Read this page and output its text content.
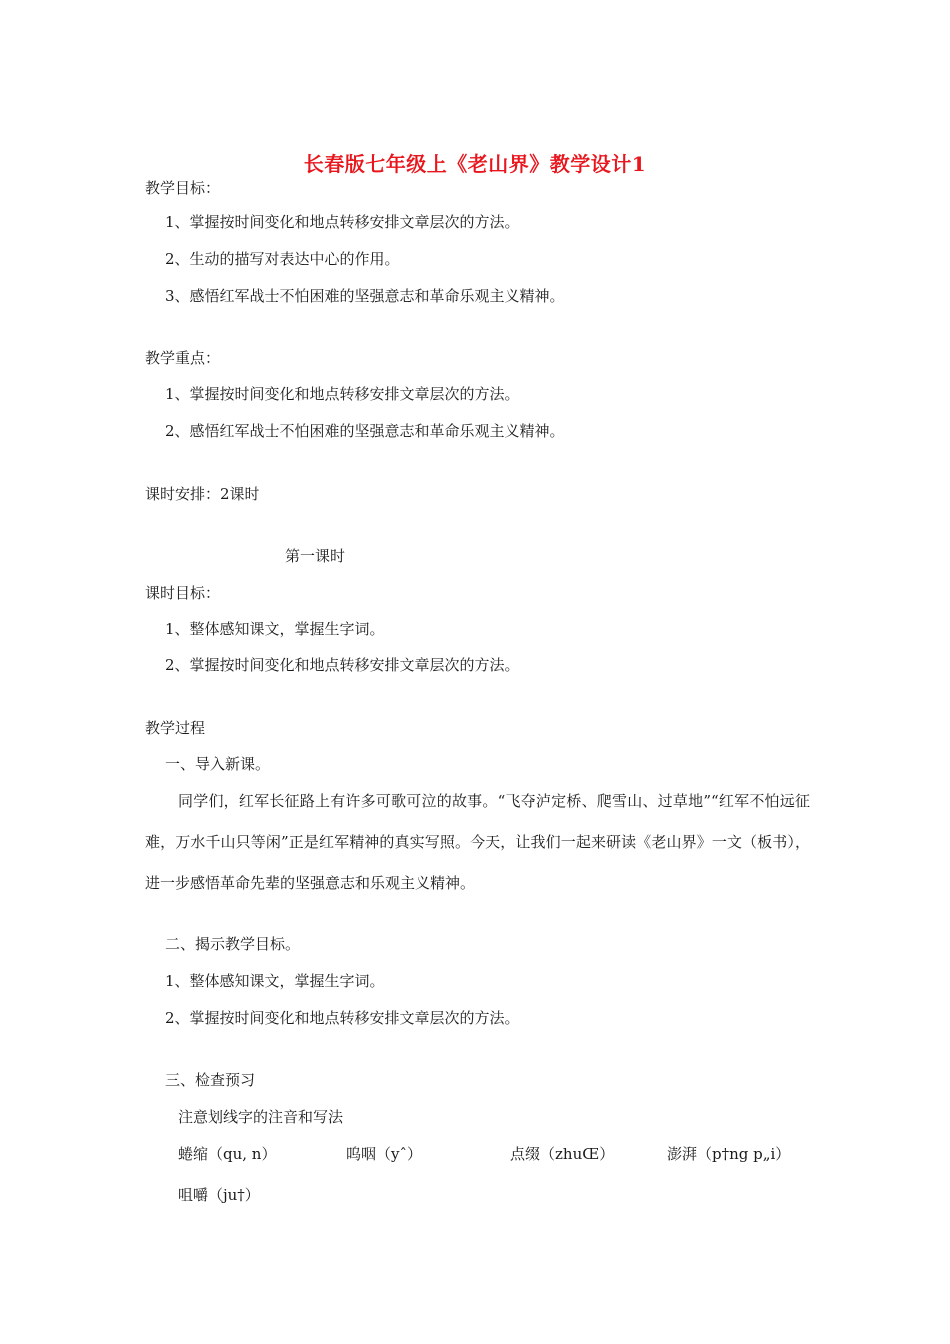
长春版七年级上《老山界》教学设计1
教学目标：
1、掌握按时间变化和地点转移安排文章层次的方法。
2、生动的描写对表达中心的作用。
3、感悟红军战士不怕困难的坚强意志和革命乐观主义精神。
教学重点：
1、掌握按时间变化和地点转移安排文章层次的方法。
2、感悟红军战士不怕困难的坚强意志和革命乐观主义精神。
课时安排：2课时
第一课时
课时目标：
1、整体感知课文，掌握生字词。
2、掌握按时间变化和地点转移安排文章层次的方法。
教学过程
一、导入新课。
同学们，红军长征路上有许多可歌可泣的故事。“飞夺泸定桥、爬雪山、过草地”“红军不怕远征难，万水千山只等闲”正是红军精神的真实写照。今天，让我们一起来研读《老山界》一文（板书），进一步感悟革命先辈的坚强意志和乐观主义精神。
二、揭示教学目标。
1、整体感知课文，掌握生字词。
2、掌握按时间变化和地点转移安排文章层次的方法。
三、检查预习
注意划线字的注音和写法
蜷缩（qu, n）	呜咽（yˆ）	点缀（zhuŒ）	澎湃（p†ng p„i）
咀嚼（ju†）
